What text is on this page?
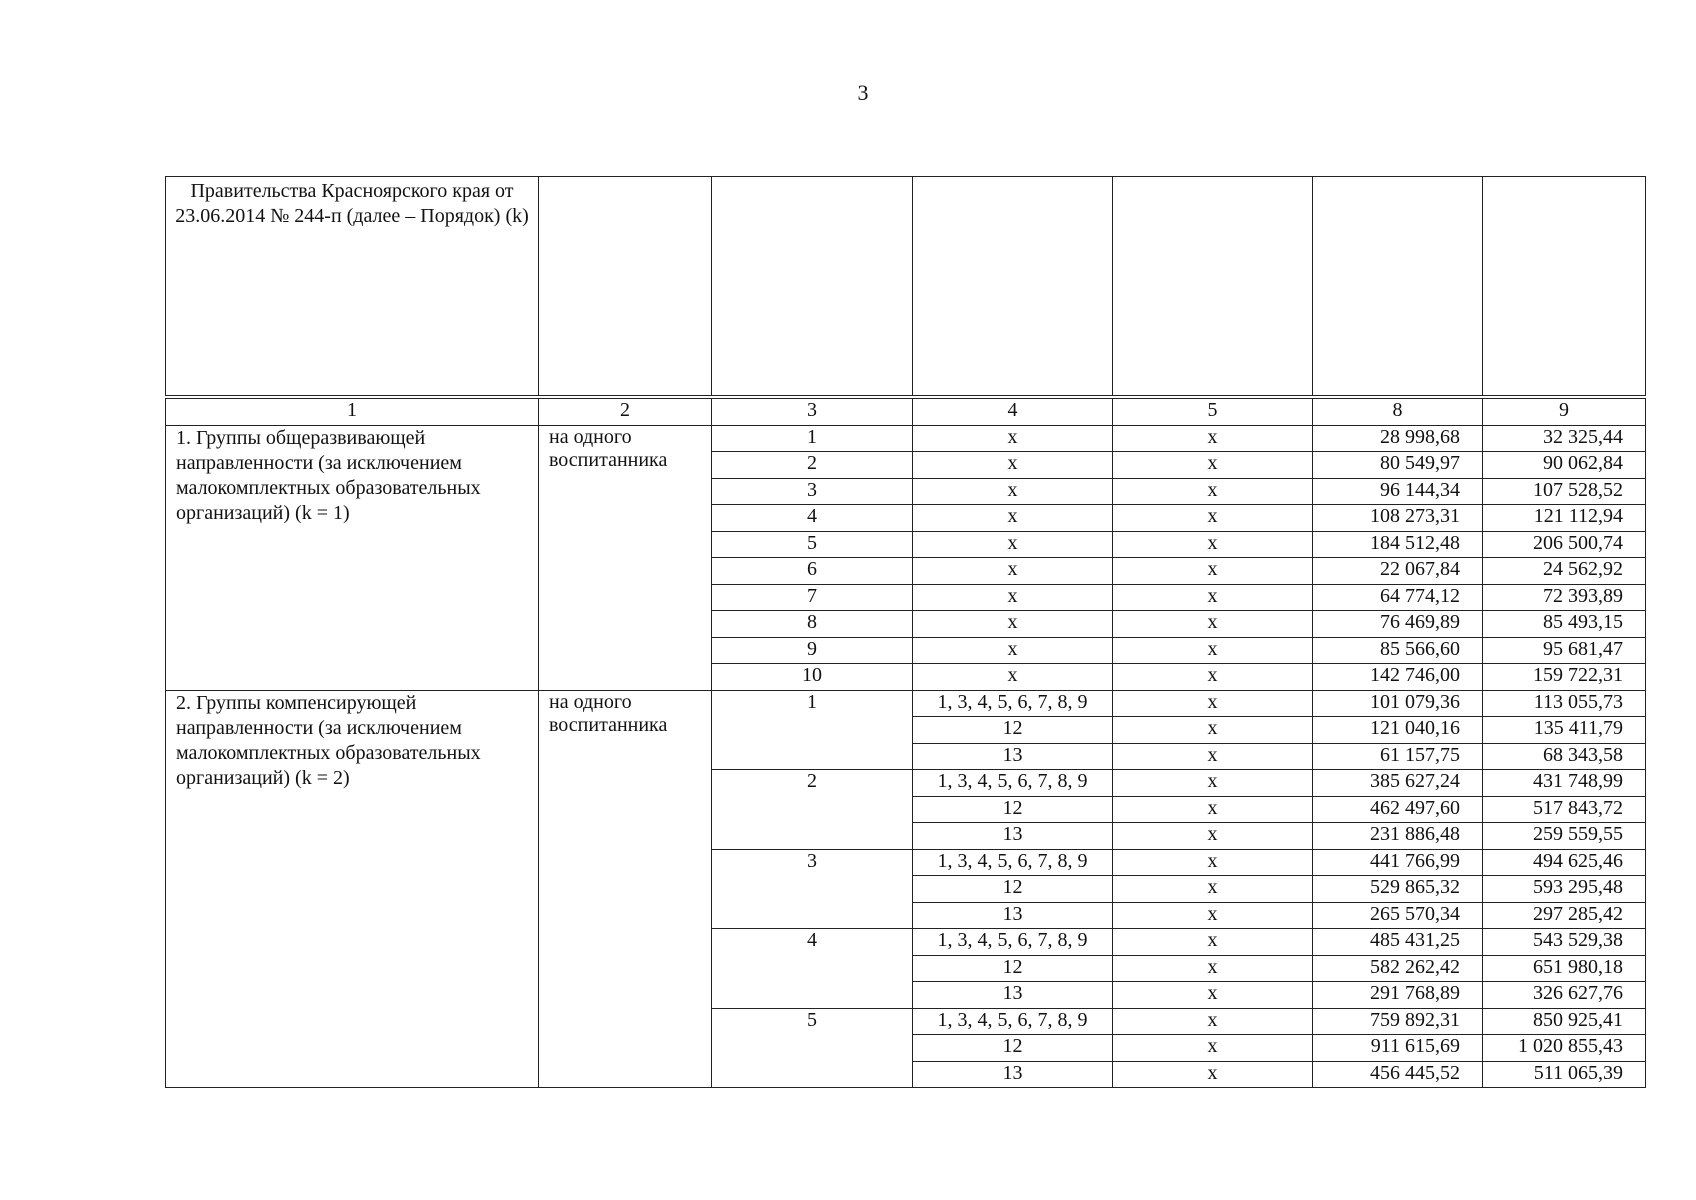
3
Правительства Красноярского края от 23.06.2014 № 244-п (далее – Порядок) (k)						
1	2	3	4	5	8	9
1. Группы общеразвивающей направленности (за исключением малокомплектных образовательных организаций) (k = 1)	на одного воспитанника	1	х	х	28 998,68	32 325,44
		2	х	х	80 549,97	90 062,84
		3	х	х	96 144,34	107 528,52
		4	х	х	108 273,31	121 112,94
		5	х	х	184 512,48	206 500,74
		6	х	х	22 067,84	24 562,92
		7	х	х	64 774,12	72 393,89
		8	х	х	76 469,89	85 493,15
		9	х	х	85 566,60	95 681,47
		10	х	х	142 746,00	159 722,31
2. Группы компенсирующей направленности (за исключением малокомплектных образовательных организаций) (k = 2)	на одного воспитанника	1	1, 3, 4, 5, 6, 7, 8, 9	х	101 079,36	113 055,73
			12	х	121 040,16	135 411,79
			13	х	61 157,75	68 343,58
		2	1, 3, 4, 5, 6, 7, 8, 9	х	385 627,24	431 748,99
			12	х	462 497,60	517 843,72
			13	х	231 886,48	259 559,55
		3	1, 3, 4, 5, 6, 7, 8, 9	х	441 766,99	494 625,46
			12	х	529 865,32	593 295,48
			13	х	265 570,34	297 285,42
		4	1, 3, 4, 5, 6, 7, 8, 9	х	485 431,25	543 529,38
			12	х	582 262,42	651 980,18
			13	х	291 768,89	326 627,76
		5	1, 3, 4, 5, 6, 7, 8, 9	х	759 892,31	850 925,41
			12	х	911 615,69	1 020 855,43
			13	х	456 445,52	511 065,39
